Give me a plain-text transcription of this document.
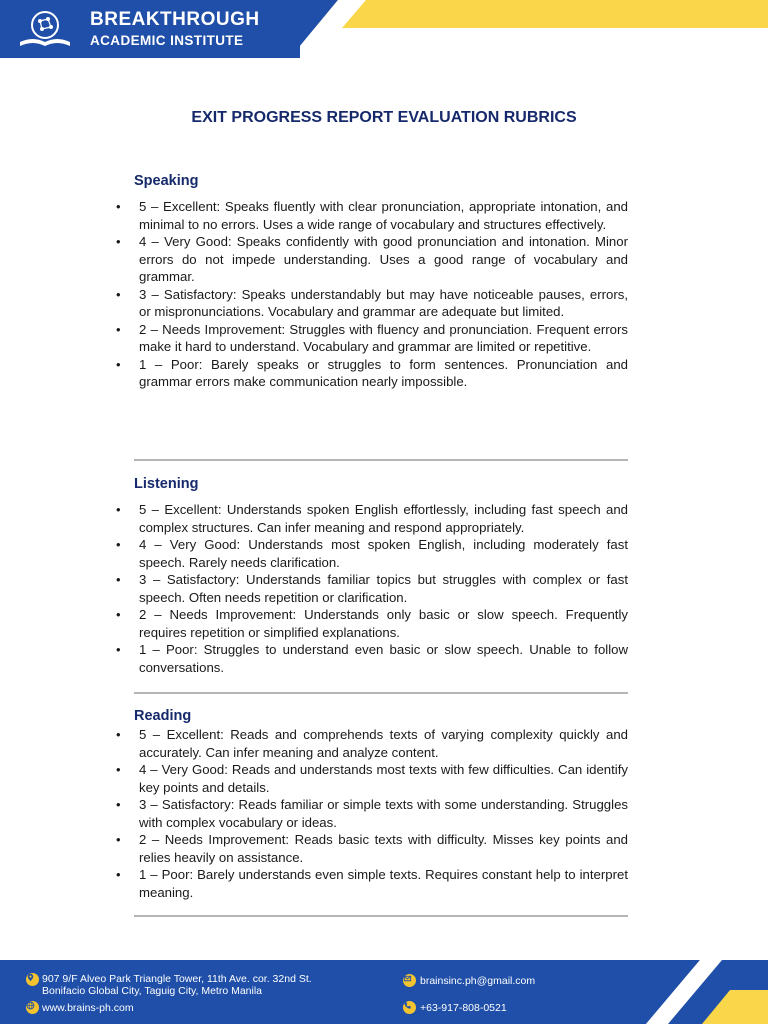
BREAKTHROUGH
ACADEMIC INSTITUTE
EXIT PROGRESS REPORT EVALUATION RUBRICS
Speaking
• 5 – Excellent: Speaks fluently with clear pronunciation, appropriate intonation, and minimal to no errors. Uses a wide range of vocabulary and structures effectively.
• 4 – Very Good: Speaks confidently with good pronunciation and intonation. Minor errors do not impede understanding. Uses a good range of vocabulary and grammar.
• 3 – Satisfactory: Speaks understandably but may have noticeable pauses, errors, or mispronunciations. Vocabulary and grammar are adequate but limited.
• 2 – Needs Improvement: Struggles with fluency and pronunciation. Frequent errors make it hard to understand. Vocabulary and grammar are limited or repetitive.
• 1 – Poor: Barely speaks or struggles to form sentences. Pronunciation and grammar errors make communication nearly impossible.
Listening
• 5 – Excellent: Understands spoken English effortlessly, including fast speech and complex structures. Can infer meaning and respond appropriately.
• 4 – Very Good: Understands most spoken English, including moderately fast speech. Rarely needs clarification.
• 3 – Satisfactory: Understands familiar topics but struggles with complex or fast speech. Often needs repetition or clarification.
• 2 – Needs Improvement: Understands only basic or slow speech. Frequently requires repetition or simplified explanations.
• 1 – Poor: Struggles to understand even basic or slow speech. Unable to follow conversations.
Reading
• 5 – Excellent: Reads and comprehends texts of varying complexity quickly and accurately. Can infer meaning and analyze content.
• 4 – Very Good: Reads and understands most texts with few difficulties. Can identify key points and details.
• 3 – Satisfactory: Reads familiar or simple texts with some understanding. Struggles with complex vocabulary or ideas.
• 2 – Needs Improvement: Reads basic texts with difficulty. Misses key points and relies heavily on assistance.
• 1 – Poor: Barely understands even simple texts. Requires constant help to interpret meaning.
907 9/F Alveo Park Triangle Tower, 11th Ave. cor. 32nd St.
Bonifacio Global City, Taguig City, Metro Manila
www.brains-ph.com
brainsinc.ph@gmail.com
+63-917-808-0521
